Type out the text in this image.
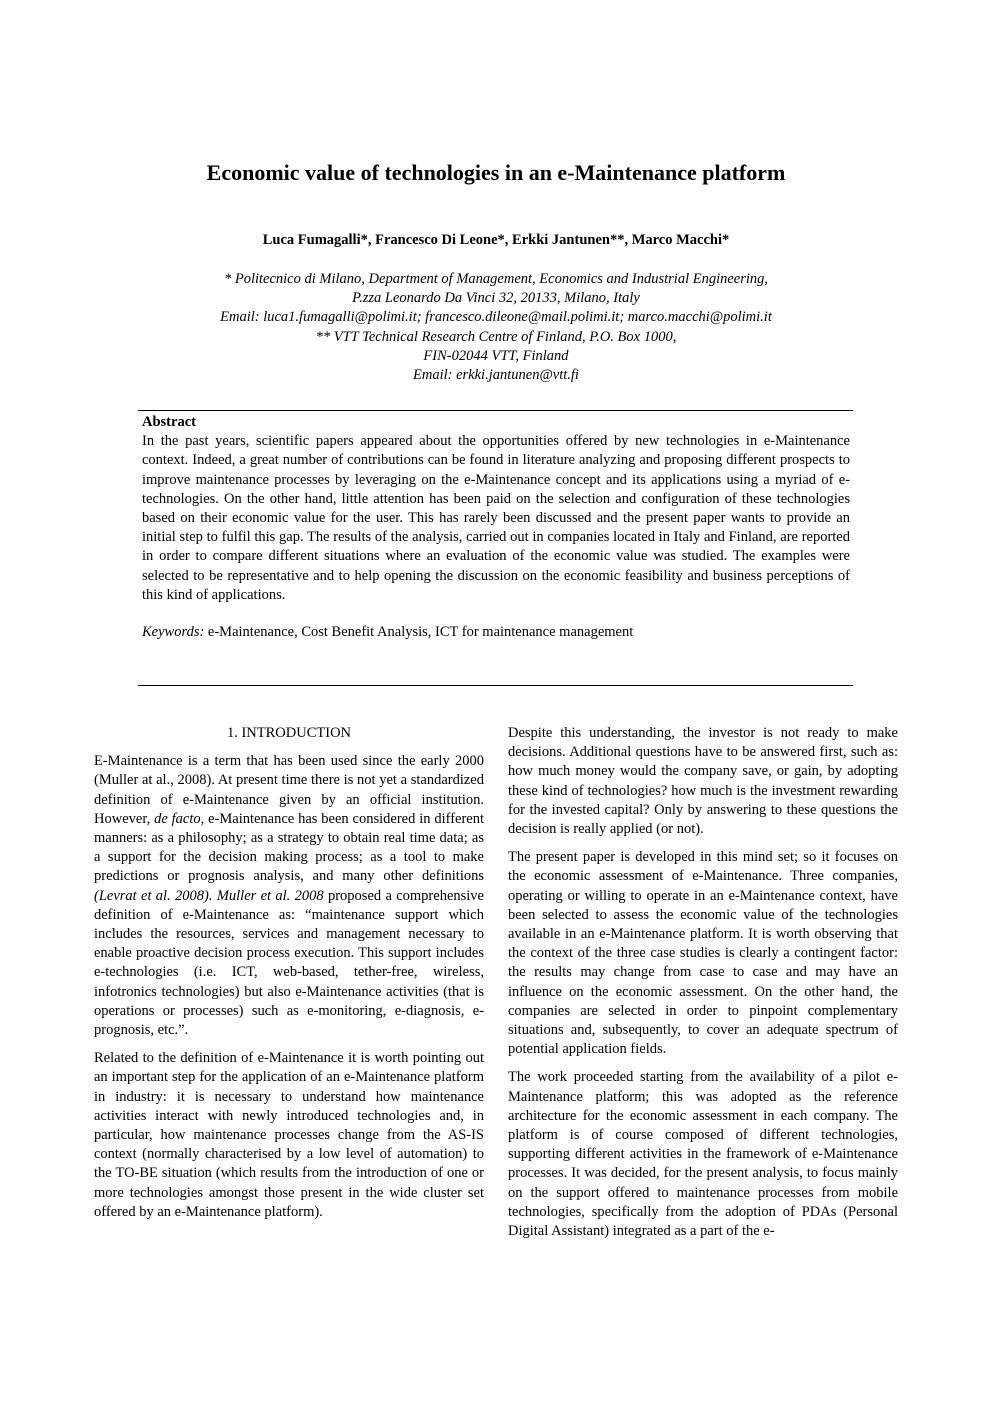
Economic value of technologies in an e-Maintenance platform
Luca Fumagalli*, Francesco Di Leone*, Erkki Jantunen**, Marco Macchi*
* Politecnico di Milano, Department of Management, Economics and Industrial Engineering,
P.zza Leonardo Da Vinci 32, 20133, Milano, Italy
Email: luca1.fumagalli@polimi.it; francesco.dileone@mail.polimi.it; marco.macchi@polimi.it
** VTT Technical Research Centre of Finland, P.O. Box 1000,
FIN-02044 VTT, Finland
Email: erkki.jantunen@vtt.fi

Abstract

In the past years, scientific papers appeared about the opportunities offered by new technologies in e-Maintenance context. Indeed, a great number of contributions can be found in literature analyzing and proposing different prospects to improve maintenance processes by leveraging on the e-Maintenance concept and its applications using a myriad of e-technologies. On the other hand, little attention has been paid on the selection and configuration of these technologies based on their economic value for the user. This has rarely been discussed and the present paper wants to provide an initial step to fulfil this gap. The results of the analysis, carried out in companies located in Italy and Finland, are reported in order to compare different situations where an evaluation of the economic value was studied. The examples were selected to be representative and to help opening the discussion on the economic feasibility and business perceptions of this kind of applications.

Keywords: e-Maintenance, Cost Benefit Analysis, ICT for maintenance management

1. INTRODUCTION

E-Maintenance is a term that has been used since the early 2000 (Muller at al., 2008). At present time there is not yet a standardized definition of e-Maintenance given by an official institution. However, de facto, e-Maintenance has been considered in different manners: as a philosophy; as a strategy to obtain real time data; as a support for the decision making process; as a tool to make predictions or prognosis analysis, and many other definitions (Levrat et al. 2008). Muller et al. 2008 proposed a comprehensive definition of e-Maintenance as: “maintenance support which includes the resources, services and management necessary to enable proactive decision process execution. This support includes e-technologies (i.e. ICT, web-based, tether-free, wireless, infotronics technologies) but also e-Maintenance activities (that is operations or processes) such as e-monitoring, e-diagnosis, e-prognosis, etc.”.

Related to the definition of e-Maintenance it is worth pointing out an important step for the application of an e-Maintenance platform in industry: it is necessary to understand how maintenance activities interact with newly introduced technologies and, in particular, how maintenance processes change from the AS-IS context (normally characterised by a low level of automation) to the TO-BE situation (which results from the introduction of one or more technologies amongst those present in the wide cluster set offered by an e-Maintenance platform).

Despite this understanding, the investor is not ready to make decisions. Additional questions have to be answered first, such as: how much money would the company save, or gain, by adopting these kind of technologies? how much is the investment rewarding for the invested capital? Only by answering to these questions the decision is really applied (or not).

The present paper is developed in this mind set; so it focuses on the economic assessment of e-Maintenance. Three companies, operating or willing to operate in an e-Maintenance context, have been selected to assess the economic value of the technologies available in an e-Maintenance platform. It is worth observing that the context of the three case studies is clearly a contingent factor: the results may change from case to case and may have an influence on the economic assessment. On the other hand, the companies are selected in order to pinpoint complementary situations and, subsequently, to cover an adequate spectrum of potential application fields.

The work proceeded starting from the availability of a pilot e-Maintenance platform; this was adopted as the reference architecture for the economic assessment in each company. The platform is of course composed of different technologies, supporting different activities in the framework of e-Maintenance processes. It was decided, for the present analysis, to focus mainly on the support offered to maintenance processes from mobile technologies, specifically from the adoption of PDAs (Personal Digital Assistant) integrated as a part of the e-
